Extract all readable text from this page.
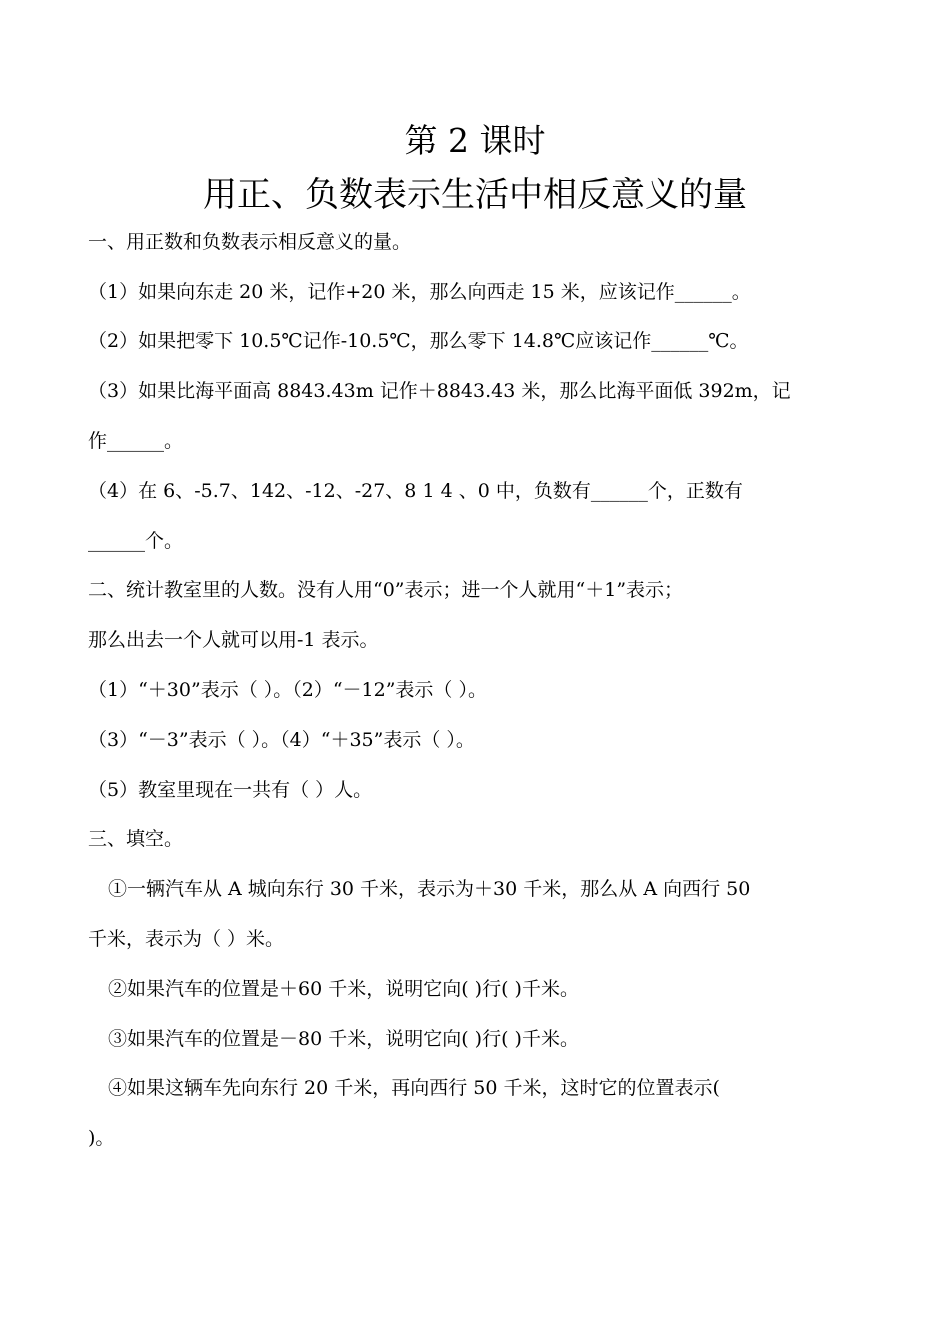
第 2 课时
用正、负数表示生活中相反意义的量
一、用正数和负数表示相反意义的量。
（1）如果向东走 20 米，记作+20 米，那么向西走 15 米，应该记作______。
（2）如果把零下 10.5℃记作-10.5℃，那么零下 14.8℃应该记作______℃。
（3）如果比海平面高 8843.43m 记作＋8843.43 米，那么比海平面低 392m，记
作______。
（4）在 6、-5.7、142、-12、-27、8 1 4 、0 中，负数有______个，正数有
______个。
二、统计教室里的人数。没有人用“0”表示；进一个人就用“＋1”表示；
那么出去一个人就可以用-1 表示。
（1）“＋30”表示（ ）。（2）“－12”表示（ ）。
（3）“－3”表示（ ）。（4）“＋35”表示（ ）。
（5）教室里现在一共有（ ）人。
三、填空。
①一辆汽车从 A 城向东行 30 千米，表示为＋30 千米，那么从 A 向西行 50
千米，表示为（ ）米。
②如果汽车的位置是＋60 千米，说明它向( )行( )千米。
③如果汽车的位置是－80 千米，说明它向( )行( )千米。
④如果这辆车先向东行 20 千米，再向西行 50 千米，这时它的位置表示(
)。
